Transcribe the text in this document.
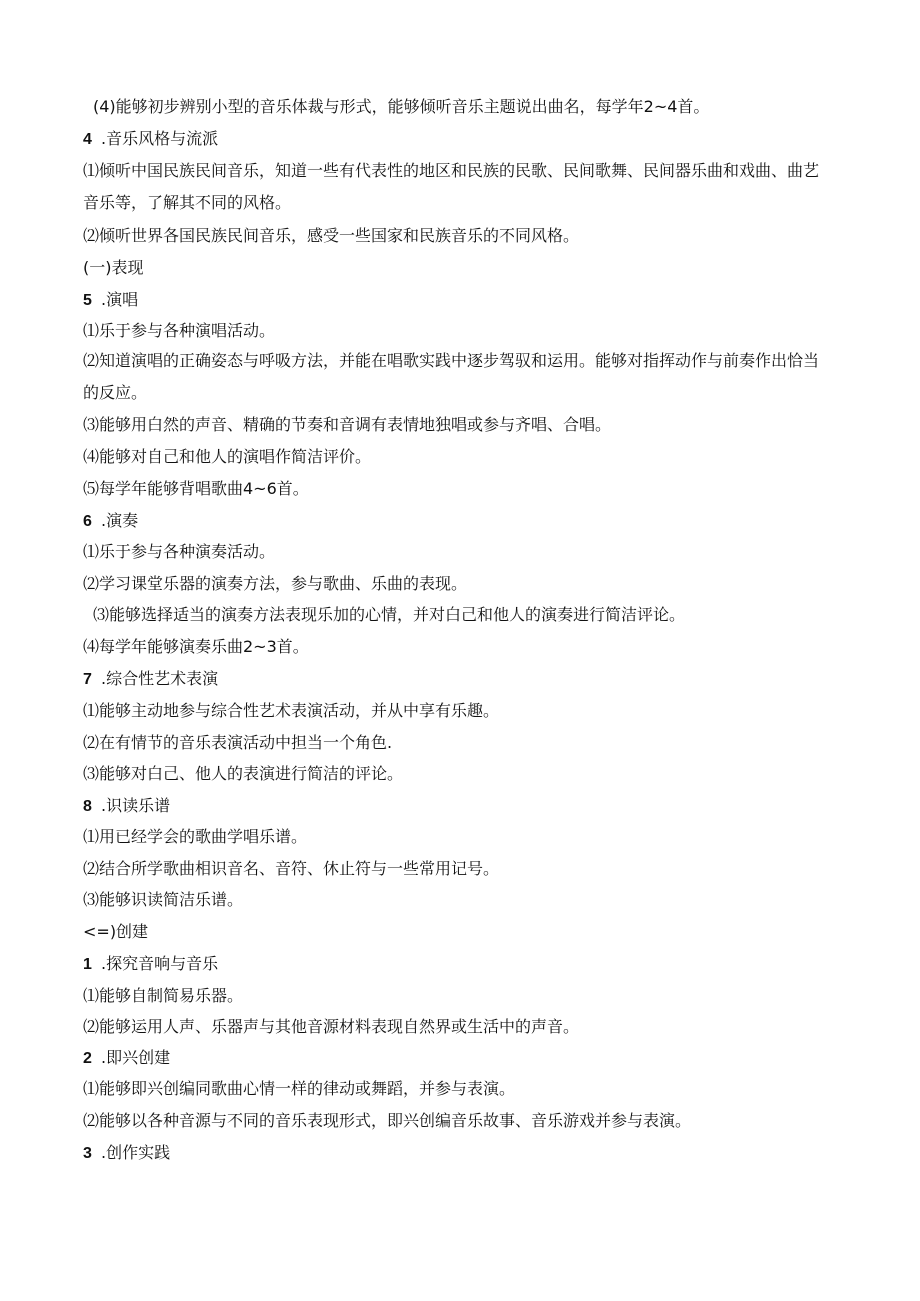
(4)能够初步辨别小型的音乐体裁与形式，能够倾听音乐主题说出曲名，每学年2~4首。
4 .音乐风格与流派
⑴倾听中国民族民间音乐，知道一些有代表性的地区和民族的民歌、民间歌舞、民间器乐曲和戏曲、曲艺音乐等，了解其不同的风格。
⑵倾听世界各国民族民间音乐，感受一些国家和民族音乐的不同风格。
(一)表现
5 .演唱
⑴乐于参与各种演唱活动。
⑵知道演唱的正确姿态与呼吸方法，并能在唱歌实践中逐步驾驭和运用。能够对指挥动作与前奏作出恰当的反应。
⑶能够用白然的声音、精确的节奏和音调有表情地独唱或参与齐唱、合唱。
⑷能够对自己和他人的演唱作简洁评价。
⑸每学年能够背唱歌曲4~6首。
6 .演奏
⑴乐于参与各种演奏活动。
⑵学习课堂乐器的演奏方法，参与歌曲、乐曲的表现。
⑶能够选择适当的演奏方法表现乐加的心情，并对白己和他人的演奏进行简洁评论。
⑷每学年能够演奏乐曲2~3首。
7 .综合性艺术表演
⑴能够主动地参与综合性艺术表演活动，并从中享有乐趣。
⑵在有情节的音乐表演活动中担当一个角色.
⑶能够对白己、他人的表演进行简洁的评论。
8 .识读乐谱
⑴用已经学会的歌曲学唱乐谱。
⑵结合所学歌曲相识音名、音符、休止符与一些常用记号。
⑶能够识读简洁乐谱。
<=)创建
1 .探究音响与音乐
⑴能够自制简易乐器。
⑵能够运用人声、乐器声与其他音源材料表现自然界或生活中的声音。
2 .即兴创建
⑴能够即兴创编同歌曲心情一样的律动或舞蹈，并参与表演。
⑵能够以各种音源与不同的音乐表现形式，即兴创编音乐故事、音乐游戏并参与表演。
3 .创作实践
